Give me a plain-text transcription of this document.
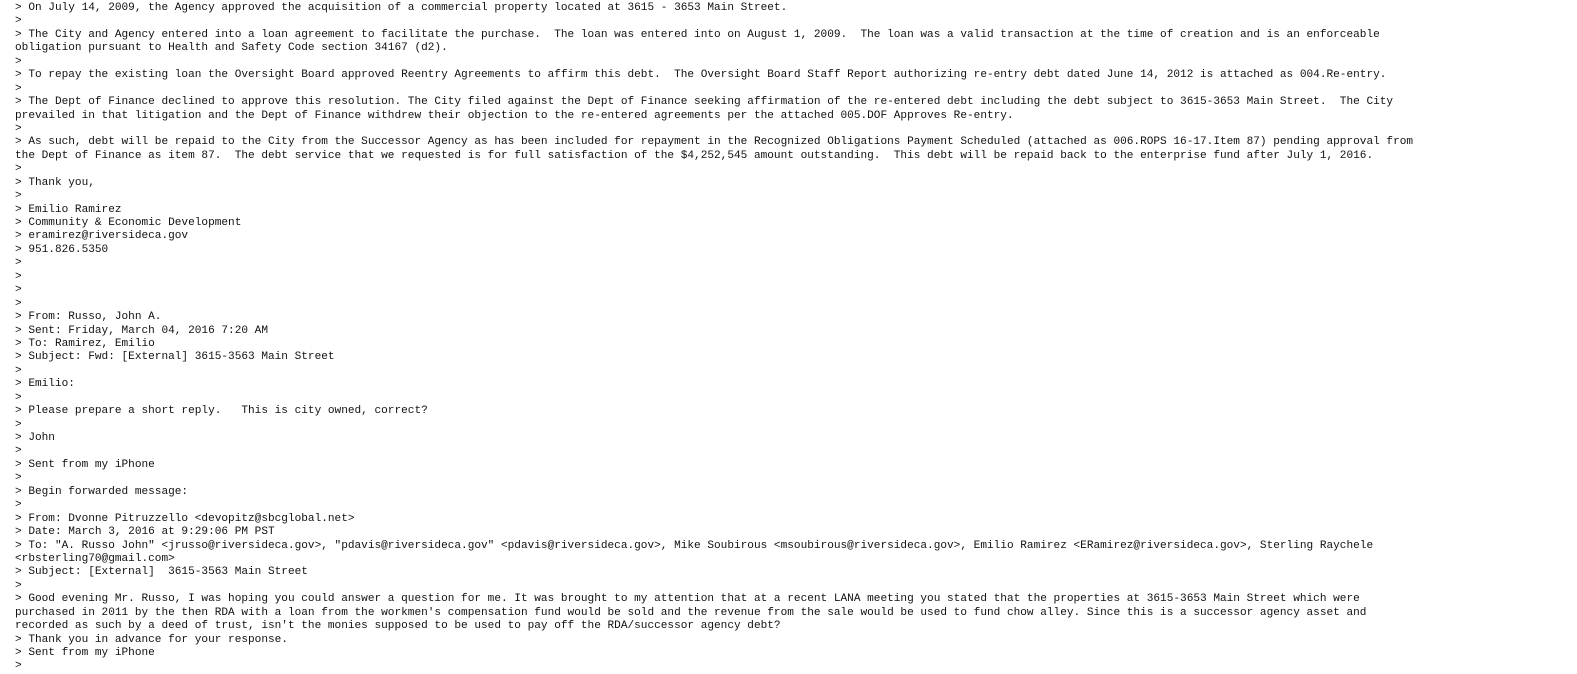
> On July 14, 2009, the Agency approved the acquisition of a commercial property located at 3615 - 3653 Main Street.
>
> The City and Agency entered into a loan agreement to facilitate the purchase.  The loan was entered into on August 1, 2009.  The loan was a valid transaction at the time of creation and is an enforceable
obligation pursuant to Health and Safety Code section 34167 (d2).
>
> To repay the existing loan the Oversight Board approved Reentry Agreements to affirm this debt.  The Oversight Board Staff Report authorizing re-entry debt dated June 14, 2012 is attached as 004.Re-entry.
>
> The Dept of Finance declined to approve this resolution. The City filed against the Dept of Finance seeking affirmation of the re-entered debt including the debt subject to 3615-3653 Main Street.  The City
prevailed in that litigation and the Dept of Finance withdrew their objection to the re-entered agreements per the attached 005.DOF Approves Re-entry.
>
> As such, debt will be repaid to the City from the Successor Agency as has been included for repayment in the Recognized Obligations Payment Scheduled (attached as 006.ROPS 16-17.Item 87) pending approval from
the Dept of Finance as item 87.  The debt service that we requested is for full satisfaction of the $4,252,545 amount outstanding.  This debt will be repaid back to the enterprise fund after July 1, 2016.
>
> Thank you,
>
> Emilio Ramirez
> Community & Economic Development
> eramirez@riversideca.gov
> 951.826.5350
>
>
>
>
> From: Russo, John A.
> Sent: Friday, March 04, 2016 7:20 AM
> To: Ramirez, Emilio
> Subject: Fwd: [External] 3615-3563 Main Street
>
> Emilio:
>
> Please prepare a short reply.   This is city owned, correct?
>
> John
>
> Sent from my iPhone
>
> Begin forwarded message:
>
> From: Dvonne Pitruzzello <devopitz@sbcglobal.net>
> Date: March 3, 2016 at 9:29:06 PM PST
> To: "A. Russo John" <jrusso@riversideca.gov>, "pdavis@riversideca.gov" <pdavis@riversideca.gov>, Mike Soubirous <msoubirous@riversideca.gov>, Emilio Ramirez <ERamirez@riversideca.gov>, Sterling Raychele
<rbsterling70@gmail.com>
> Subject: [External]  3615-3563 Main Street
>
> Good evening Mr. Russo, I was hoping you could answer a question for me. It was brought to my attention that at a recent LANA meeting you stated that the properties at 3615-3653 Main Street which were
purchased in 2011 by the then RDA with a loan from the workmen's compensation fund would be sold and the revenue from the sale would be used to fund chow alley. Since this is a successor agency asset and
recorded as such by a deed of trust, isn't the monies supposed to be used to pay off the RDA/successor agency debt?
> Thank you in advance for your response.
> Sent from my iPhone
>
